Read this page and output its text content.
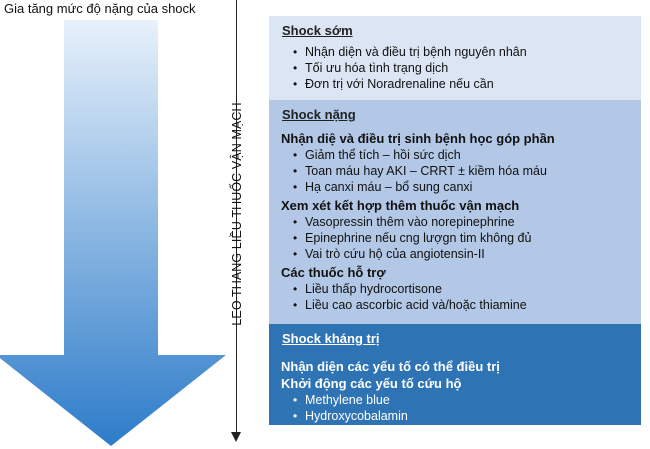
Gia tăng mức độ nặng của shock
LEO THANG LIỀU THUỐC VẬN MẠCH
Shock sớm
• Nhận diện và điều trị bệnh nguyên nhân
• Tối ưu hóa tình trạng dịch
• Đơn trị với Noradrenaline nếu cần
Shock nặng
Nhận diệ và điều trị sinh bệnh học góp phần
• Giảm thể tích – hồi sức dịch
• Toan máu hay AKI – CRRT ± kiềm hóa máu
• Hạ canxi máu – bổ sung canxi
Xem xét kết hợp thêm thuốc vận mạch
• Vasopressin thêm vào norepinephrine
• Epinephrine nếu cng lượgn tim không đủ
• Vai trò cứu hộ của angiotensin-II
Các thuốc hỗ trợ
• Liều thấp hydrocortisone
• Liều cao ascorbic acid và/hoặc thiamine
Shock kháng trị
Nhận diện các yếu tố có thể điều trị
Khởi động các yếu tố cứu hộ
• Methylene blue
• Hydroxycobalamin
